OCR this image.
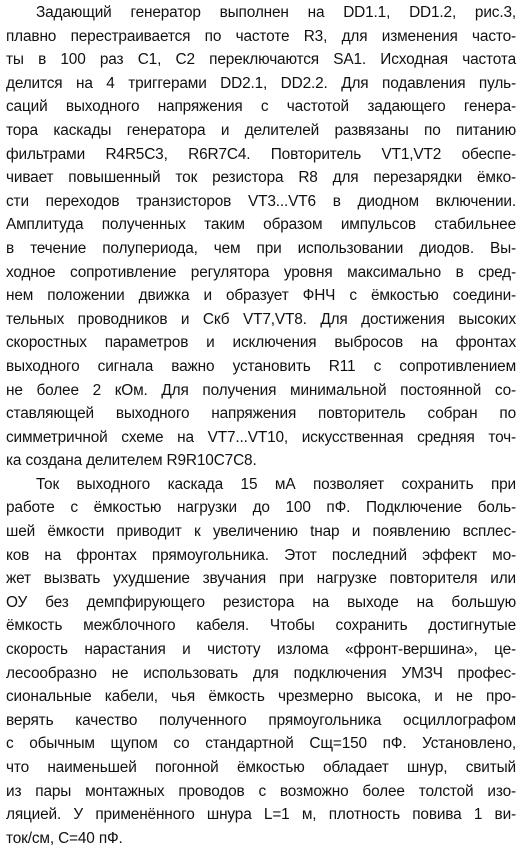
Задающий генератор выполнен на DD1.1, DD1.2, рис.3,
плавно перестраивается по частоте R3, для изменения часто-
ты в 100 раз С1, С2 переключаются SA1. Исходная частота
делится на 4 триггерами DD2.1, DD2.2. Для подавления пуль-
саций выходного напряжения с частотой задающего генера-
тора каскады генератора и делителей развязаны по питанию
фильтрами R4R5C3, R6R7C4. Повторитель VT1,VT2 обеспе-
чивает повышенный ток резистора R8 для перезарядки ёмко-
сти переходов транзисторов VT3...VT6 в диодном включении.
Амплитуда полученных таким образом импульсов стабильнее
в течение полупериода, чем при использовании диодов. Вы-
ходное сопротивление регулятора уровня максимально в сред-
нем положении движка и образует ФНЧ с ёмкостью соедини-
тельных проводников и Скб VT7,VT8. Для достижения высоких
скоростных параметров и исключения выбросов на фронтах
выходного сигнала важно установить R11 с сопротивлением
не более 2 кОм. Для получения минимальной постоянной со-
ставляющей выходного напряжения повторитель собран по
симметричной схеме на VT7...VT10, искусственная средняя точ-
ка создана делителем R9R10C7C8.

Ток выходного каскада 15 мА позволяет сохранить при
работе с ёмкостью нагрузки до 100 пФ. Подключение боль-
шей ёмкости приводит к увеличению tнар и появлению всплес-
ков на фронтах прямоугольника. Этот последний эффект мо-
жет вызвать ухудшение звучания при нагрузке повторителя или
ОУ без демпфирующего резистора на выходе на большую
ёмкость межблочного кабеля. Чтобы сохранить достигнутые
скорость нарастания и чистоту излома «фронт-вершина», це-
лесообразно не использовать для подключения УМЗЧ профес-
сиональные кабели, чья ёмкость чрезмерно высока, и не про-
верять качество полученного прямоугольника осциллографом
с обычным щупом со стандартной Сщ=150 пФ. Установлено,
что наименьшей погонной ёмкостью обладает шнур, свитый
из пары монтажных проводов с возможно более толстой изо-
ляцией. У применённого шнура L=1 м, плотность повива 1 ви-
ток/см, С=40 пФ.
